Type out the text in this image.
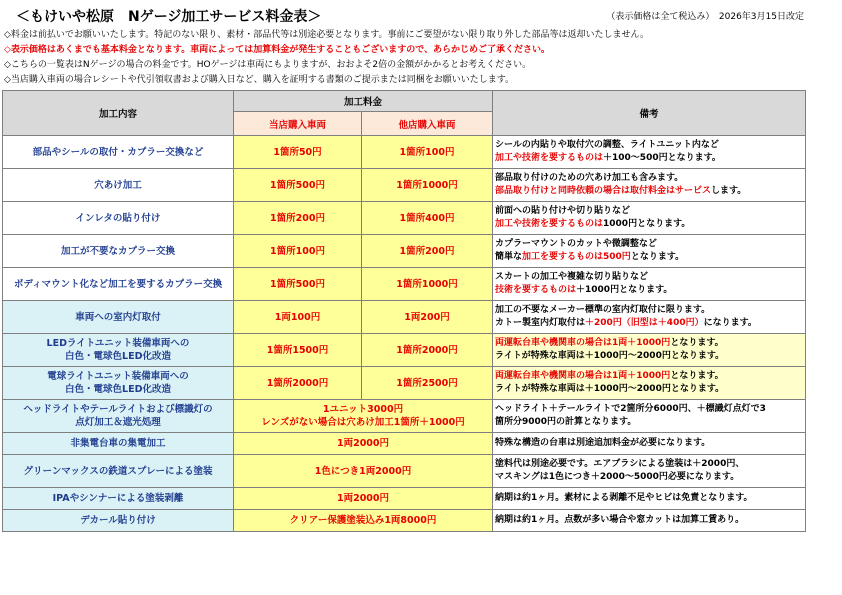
＜もけいや松原　Nゲージ加工サービス料金表＞	（表示価格は全て税込み）　2026年3月15日改定
◇料金は前払いでお願いいたします。特記のない限り、素材・部品代等は別途必要となります。事前にご要望がない限り取り外した部品等は返却いたしません。
◇表示価格はあくまでも基本料金となります。車両によっては加算料金が発生することもございますので、あらかじめご了承ください。
◇こちらの一覧表はNゲージの場合の料金です。HOゲージは車両にもよりますが、おおよそ2倍の金額がかかるとお考えください。
◇当店購入車両の場合レシートや代引領収書および購入日など、購入を証明する書類のご提示または同梱をお願いいたします。
加工内容	加工料金		備考
	当店購入車両	他店購入車両	

部品やシールの取付・カプラー交換など	1箇所50円	1箇所100円	シールの内貼りや取付穴の調整、ライトユニット内など
加工や技術を要するものは＋100～500円となります。

穴あけ加工	1箇所500円	1箇所1000円	部品取り付けのための穴あけ加工も含みます。
部品取り付けと同時依頼の場合は取付料金はサービスします。

インレタの貼り付け	1箇所200円	1箇所400円	前面への貼り付けや切り貼りなど
加工や技術を要するものは1000円となります。

加工が不要なカプラー交換	1箇所100円	1箇所200円	カプラーマウントのカットや微調整など
簡単な加工を要するものは500円となります。

ボディマウント化など加工を要するカプラー交換	1箇所500円	1箇所1000円	スカートの加工や複雑な切り貼りなど
技術を要するものは＋1000円となります。

車両への室内灯取付	1両100円	1両200円	加工の不要なメーカー標準の室内灯取付に限ります。
カトー製室内灯取付は＋200円（旧型は＋400円）になります。

LEDライトユニット装備車両への
白色・電球色LED化改造	1箇所1500円	1箇所2000円	両運転台車や機関車の場合は1両＋1000円となります。
ライトが特殊な車両は＋1000円～2000円となります。

電球ライトユニット装備車両への
白色・電球色LED化改造	1箇所2000円	1箇所2500円	両運転台車や機関車の場合は1両＋1000円となります。
ライトが特殊な車両は＋1000円～2000円となります。

ヘッドライトやテールライトおよび標識灯の
点灯加工＆遮光処理	1ユニット3000円
レンズがない場合は穴あけ加工1箇所＋1000円		ヘッドライト＋テールライトで2箇所分6000円、＋標識灯点灯で3
箇所分9000円の計算となります。

非集電台車の集電加工	1両2000円		特殊な構造の台車は別途追加料金が必要になります。

グリーンマックスの鉄道スプレーによる塗装	1色につき1両2000円		塗料代は別途必要です。エアブラシによる塗装は＋2000円、
マスキングは1色につき＋2000～5000円必要になります。

IPAやシンナーによる塗装剥離	1両2000円		納期は約1ヶ月。素材による剥離不足やヒビは免責となります。

デカール貼り付け	クリアー保護塗装込み1両8000円		納期は約1ヶ月。点数が多い場合や窓カットは加算工賃あり。
